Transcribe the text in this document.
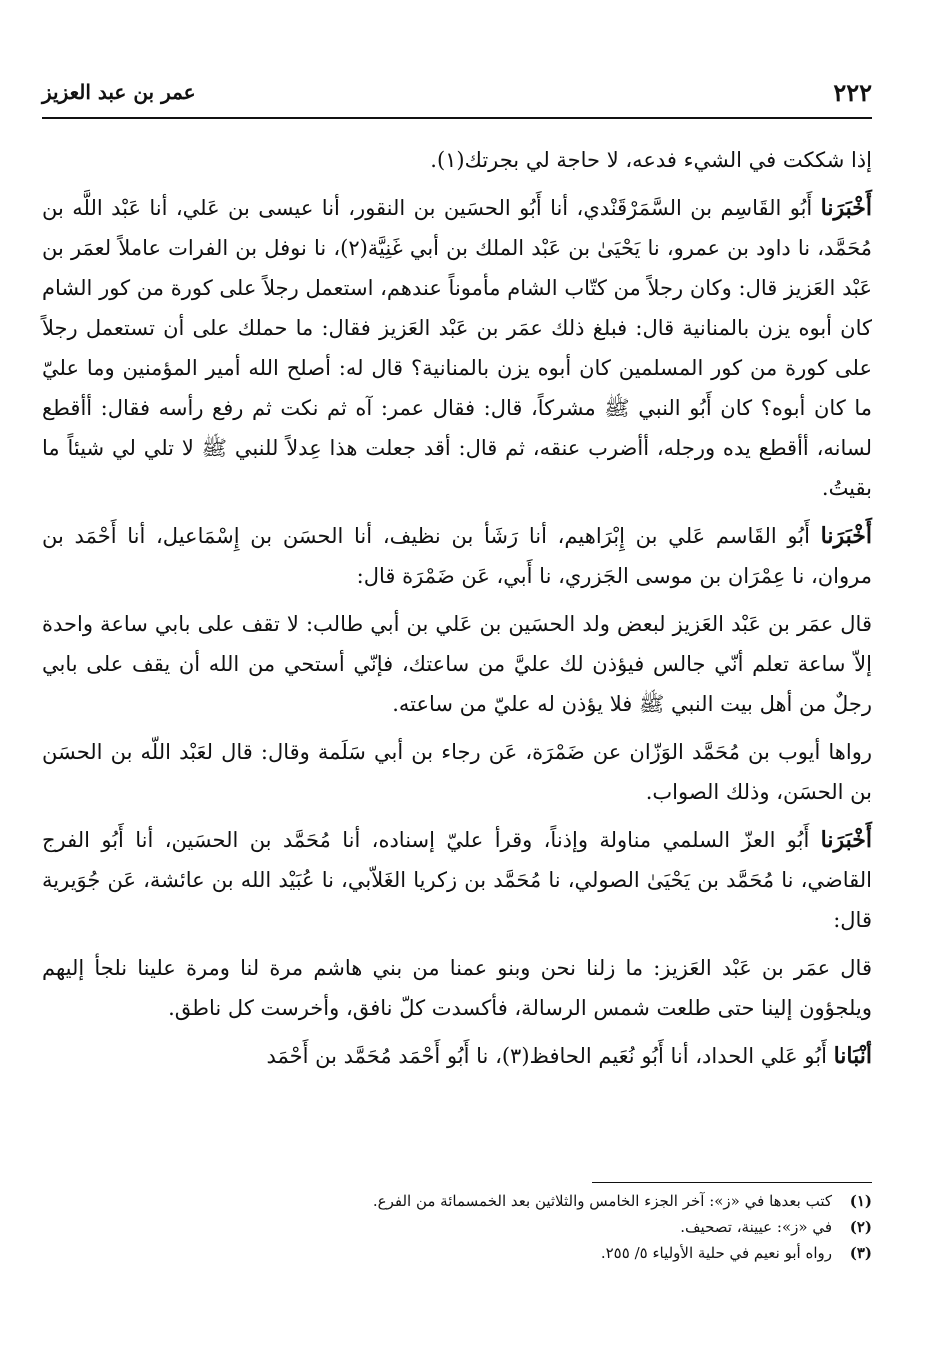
٢٢٢
عمر بن عبد العزيز

إذا شككت في الشيء فدعه، لا حاجة لي بجرتك(١).

أَخْبَرَنا أَبُو القَاسِم بن السَّمَرْقَنْدي، أنا أَبُو الحسَين بن النقور، أنا عيسى بن عَلي، أنا عَبْد اللَّه بن مُحَمَّد، نا داود بن عمرو، نا يَحْيَىٰ بن عَبْد الملك بن أبي غَنِيَّة(٢)، نا نوفل بن الفرات عاملاً لعمَر بن عَبْد العَزيز قال: وكان رجلاً من كتّاب الشام مأموناً عندهم، استعمل رجلاً على كورة من كور الشام كان أبوه يزن بالمنانية قال: فبلغ ذلك عمَر بن عَبْد العَزيز فقال: ما حملك على أن تستعمل رجلاً على كورة من كور المسلمين كان أبوه يزن بالمنانية؟ قال له: أصلح الله أمير المؤمنين وما عليّ ما كان أبوه؟ كان أَبُو النبي ﷺ مشركاً، قال: فقال عمر: آه ثم نكت ثم رفع رأسه فقال: أأقطع لسانه، أأقطع يده ورجله، أأضرب عنقه، ثم قال: أقد جعلت هذا عِدلاً للنبي ﷺ لا تلي لي شيئاً ما بقيتُ.

أَخْبَرَنا أَبُو القَاسم عَلي بن إِبْرَاهيم، أنا رَشَأ بن نظيف، أنا الحسَن بن إِسْمَاعيل، أنا أَحْمَد بن مروان، نا عِمْرَان بن موسى الجَزري، نا أَبي، عَن ضَمْرَة قال:

قال عمَر بن عَبْد العَزيز لبعض ولد الحسَين بن عَلي بن أبي طالب: لا تقف على بابي ساعة واحدة إلاّ ساعة تعلم أنّي جالس فيؤذن لك عليَّ من ساعتك، فإنّي أستحي من الله أن يقف على بابي رجلٌ من أهل بيت النبي ﷺ فلا يؤذن له عليّ من ساعته.

رواها أيوب بن مُحَمَّد الوَزّان عن ضَمْرَة، عَن رجاء بن أبي سَلَمة وقال: قال لعَبْد اللّه بن الحسَن بن الحسَن، وذلك الصواب.

أَخْبَرَنا أَبُو العزّ السلمي مناولة وإذناً، وقرأ عليّ إسناده، أنا مُحَمَّد بن الحسَين، أنا أَبُو الفرج القاضي، نا مُحَمَّد بن يَحْيَىٰ الصولي، نا مُحَمَّد بن زكريا الغَلاّبي، نا عُبَيْد الله بن عائشة، عَن جُوَيرية قال:

قال عمَر بن عَبْد العَزيز: ما زلنا نحن وبنو عمنا من بني هاشم مرة لنا ومرة علينا نلجأ إليهم ويلجؤون إلينا حتى طلعت شمس الرسالة، فأكسدت كلّ نافق، وأخرست كل ناطق.

أنْبَانا أَبُو عَلي الحداد، أنا أَبُو نُعَيم الحافظ(٣)، نا أَبُو أَحْمَد مُحَمَّد بن أَحْمَد

(١)كتب بعدها في «ز»: آخر الجزء الخامس والثلاثين بعد الخمسمائة من الفرع.
(٢)في «ز»: عيينة، تصحيف.
(٣)رواه أبو نعيم في حلية الأولياء ٥/ ٢٥٥.
